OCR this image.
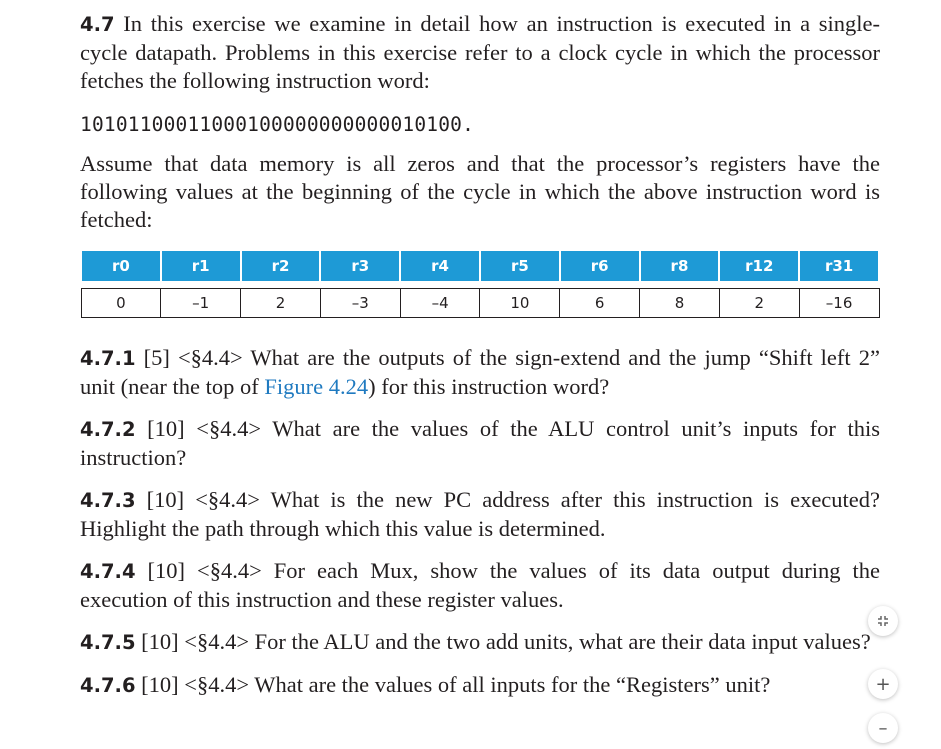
4.7 In this exercise we examine in detail how an instruction is executed in a single-cycle datapath. Problems in this exercise refer to a clock cycle in which the processor fetches the following instruction word:

10101100011000100000000000010100.

Assume that data memory is all zeros and that the processor’s registers have the following values at the beginning of the cycle in which the above instruction word is fetched:

r0	r1	r2	r3	r4	r5	r6	r8	r12	r31

0	–1	2	–3	–4	10	6	8	2	–16

4.7.1 [5] <§4.4> What are the outputs of the sign-extend and the jump “Shift left 2” unit (near the top of Figure 4.24) for this instruction word?

4.7.2 [10] <§4.4> What are the values of the ALU control unit’s inputs for this instruction?

4.7.3 [10] <§4.4> What is the new PC address after this instruction is executed? Highlight the path through which this value is determined.

4.7.4 [10] <§4.4> For each Mux, show the values of its data output during the execution of this instruction and these register values.

4.7.5 [10] <§4.4> For the ALU and the two add units, what are their data input values?

4.7.6 [10] <§4.4> What are the values of all inputs for the “Registers” unit?	+
–
